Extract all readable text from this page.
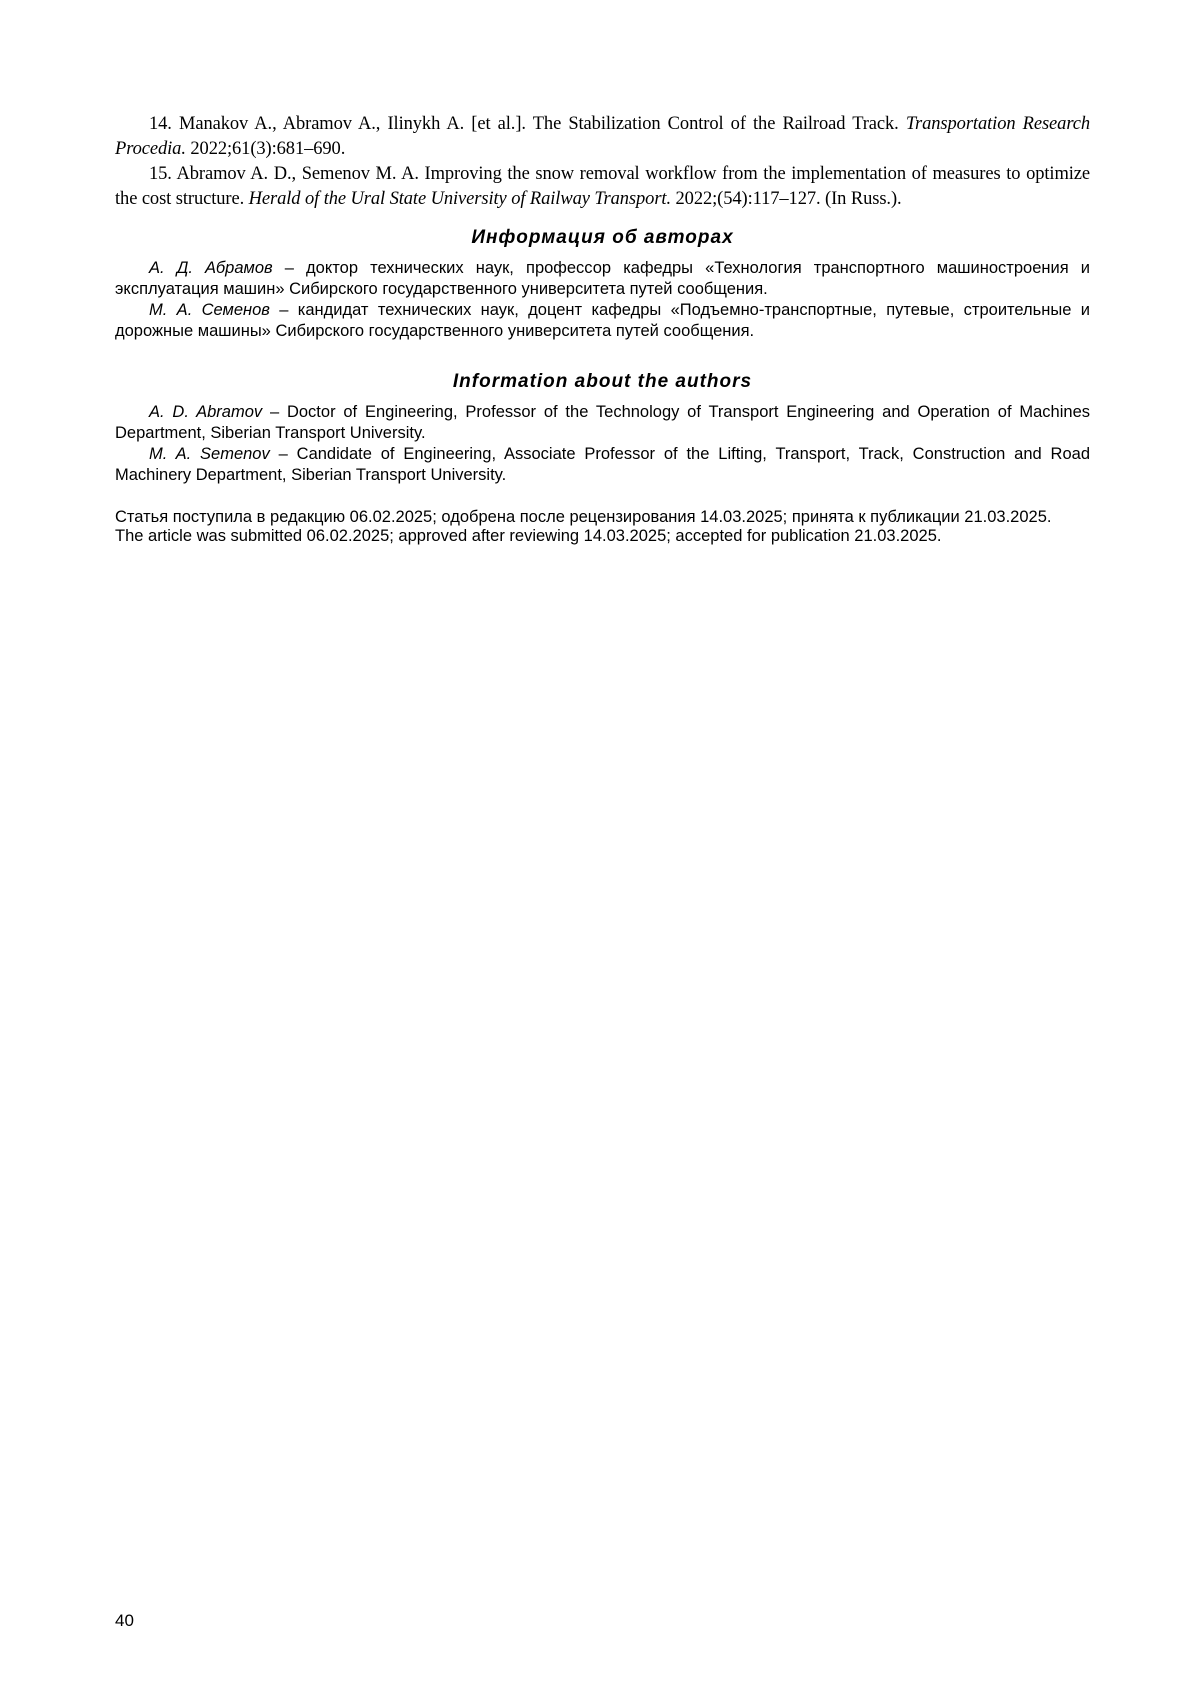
14. Manakov A., Abramov A., Ilinykh A. [et al.]. The Stabilization Control of the Railroad Track. Transportation Research Procedia. 2022;61(3):681–690.

15. Abramov A. D., Semenov M. A. Improving the snow removal workflow from the implementation of measures to optimize the cost structure. Herald of the Ural State University of Railway Transport. 2022;(54):117–127. (In Russ.).

Информация об авторах

А. Д. Абрамов – доктор технических наук, профессор кафедры «Технология транспортного машиностроения и эксплуатация машин» Сибирского государственного университета путей сообщения.

М. А. Семенов – кандидат технических наук, доцент кафедры «Подъемно-транспортные, путевые, строительные и дорожные машины» Сибирского государственного университета путей сообщения.

Information about the authors

A. D. Abramov – Doctor of Engineering, Professor of the Technology of Transport Engineering and Operation of Machines Department, Siberian Transport University.

M. A. Semenov – Candidate of Engineering, Associate Professor of the Lifting, Transport, Track, Construction and Road Machinery Department, Siberian Transport University.

Статья поступила в редакцию 06.02.2025; одобрена после рецензирования 14.03.2025; принята к публикации 21.03.2025.

The article was submitted 06.02.2025; approved after reviewing 14.03.2025; accepted for publication 21.03.2025.

40
